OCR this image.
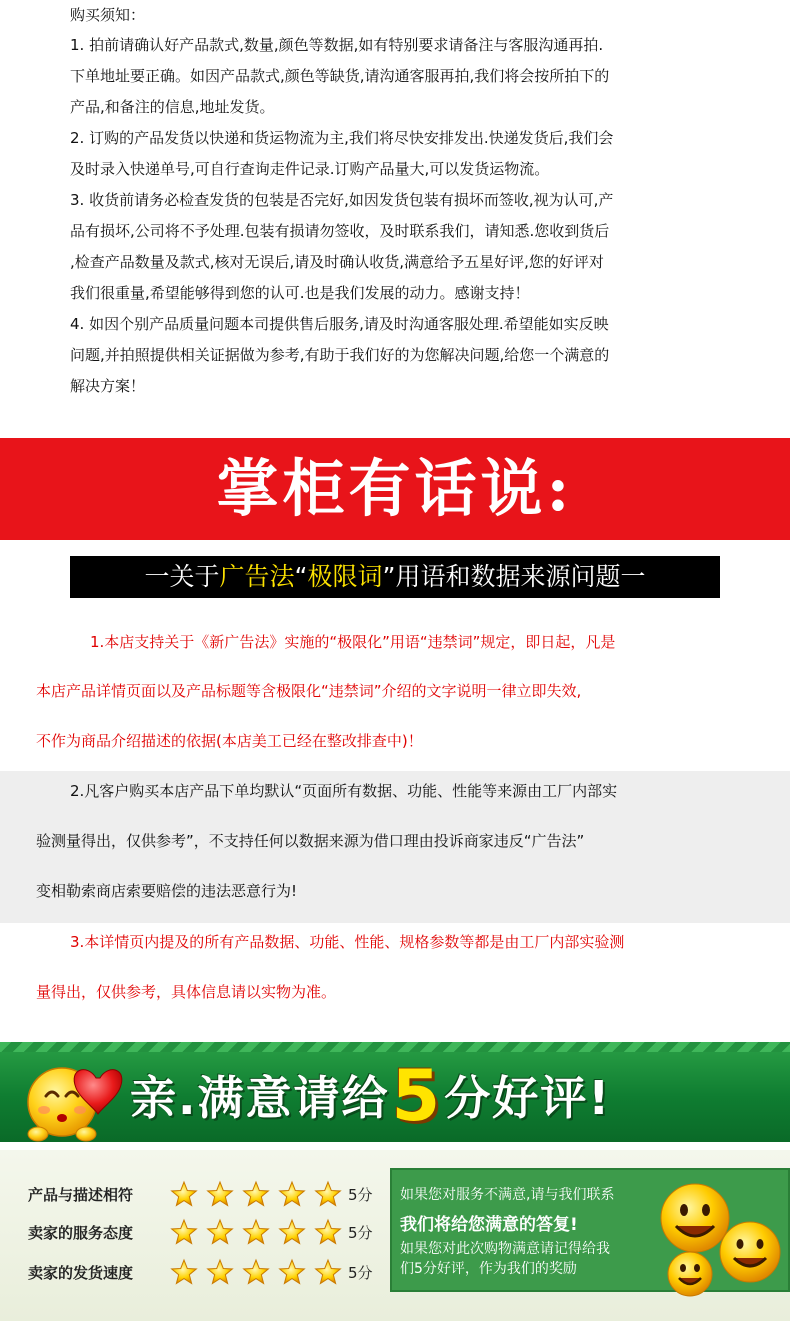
购买须知：
1. 拍前请确认好产品款式,数量,颜色等数据,如有特别要求请备注与客服沟通再拍.
下单地址要正确。如因产品款式,颜色等缺货,请沟通客服再拍,我们将会按所拍下的
产品,和备注的信息,地址发货。
2. 订购的产品发货以快递和货运物流为主,我们将尽快安排发出.快递发货后,我们会
及时录入快递单号,可自行查询走件记录.订购产品量大,可以发货运物流。
3. 收货前请务必检查发货的包装是否完好,如因发货包装有损坏而签收,视为认可,产
品有损坏,公司将不予处理.包装有损请勿签收，及时联系我们，请知悉.您收到货后
,检查产品数量及款式,核对无误后,请及时确认收货,满意给予五星好评,您的好评对
我们很重量,希望能够得到您的认可.也是我们发展的动力。感谢支持！
4. 如因个别产品质量问题本司提供售后服务,请及时沟通客服处理.希望能如实反映
问题,并拍照提供相关证据做为参考,有助于我们好的为您解决问题,给您一个满意的
解决方案！
掌柜有话说:
一关于广告法“极限词”用语和数据来源问题一
1.本店支持关于《新广告法》实施的“极限化”用语“违禁词”规定，即日起，凡是
本店产品详情页面以及产品标题等含极限化“违禁词”介绍的文字说明一律立即失效,
不作为商品介绍描述的依据(本店美工已经在整改排查中)！
2.凡客户购买本店产品下单均默认“页面所有数据、功能、性能等来源由工厂内部实
验测量得出，仅供参考”，不支持任何以数据来源为借口理由投诉商家违反“广告法”
变相勒索商店索要赔偿的违法恶意行为!
3.本详情页内提及的所有产品数据、功能、性能、规格参数等都是由工厂内部实验测
量得出，仅供参考，具体信息请以实物为准。
亲.满意请给5分好评!
产品与描述相符	5分
卖家的服务态度	5分
卖家的发货速度	5分
如果您对服务不满意,请与我们联系
我们将给您满意的答复!
如果您对此次购物满意请记得给我
们5分好评，作为我们的奖励
